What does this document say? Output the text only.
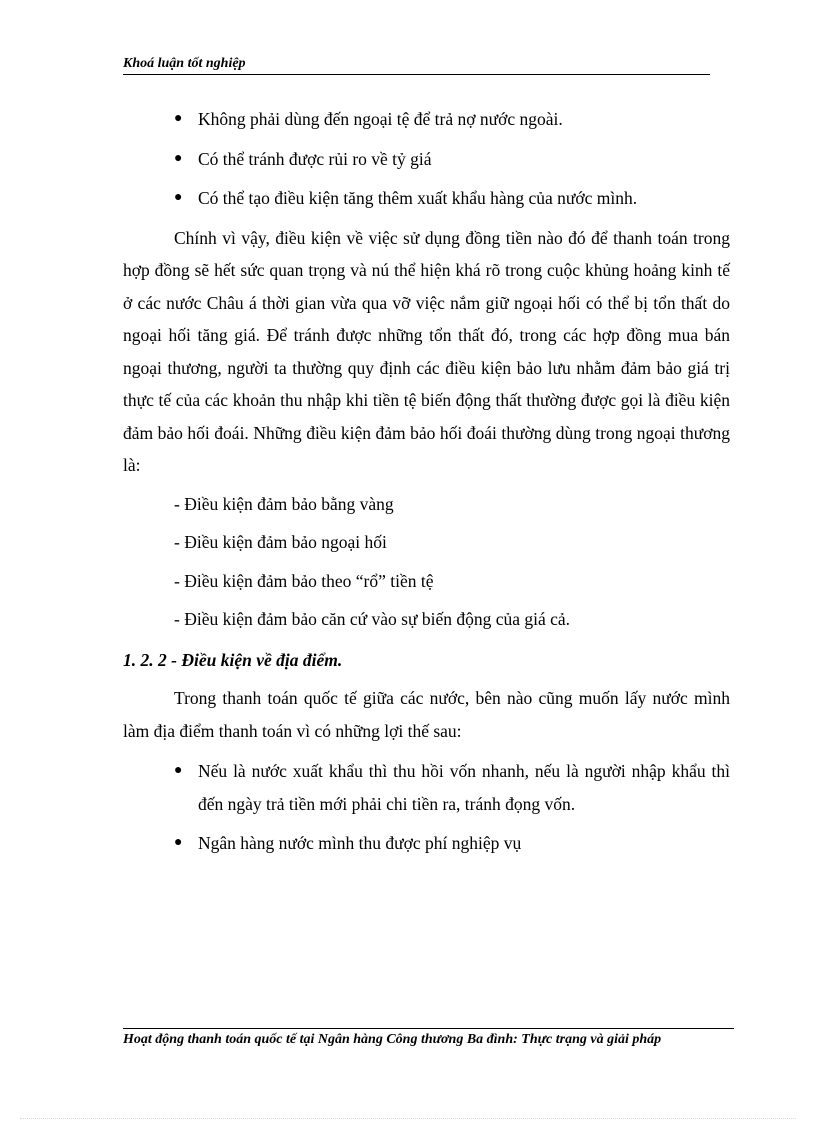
Khoá luận tốt nghiệp
● Không phải dùng đến ngoại tệ để trả nợ nước ngoài.
● Có thể tránh được rủi ro về tỷ giá
● Có thể tạo điều kiện tăng thêm xuất khẩu hàng của nước mình.

Chính vì vậy, điều kiện về việc sử dụng đồng tiền nào đó để thanh toán trong hợp đồng sẽ hết sức quan trọng và nú thể hiện khá rõ trong cuộc khủng hoảng kinh tế ở các nước Châu á thời gian vừa qua vỡ việc nắm giữ ngoại hối có thể bị tổn thất do ngoại hối tăng giá. Để tránh được những tổn thất đó, trong các hợp đồng mua bán ngoại thương, người ta thường quy định các điều kiện bảo lưu nhằm đảm bảo giá trị thực tế của các khoản thu nhập khi tiền tệ biến động thất thường được gọi là điều kiện đảm bảo hối đoái. Những điều kiện đảm bảo hối đoái thường dùng trong ngoại thương là:

- Điều kiện đảm bảo bằng vàng
- Điều kiện đảm bảo ngoại hối
- Điều kiện đảm bảo theo “rổ” tiền tệ
- Điều kiện đảm bảo căn cứ vào sự biến động của giá cả.
1. 2. 2 - Điều kiện về địa điểm.

Trong thanh toán quốc tế giữa các nước, bên nào cũng muốn lấy nước mình làm địa điểm thanh toán vì có những lợi thế sau:

● Nếu là nước xuất khẩu thì thu hồi vốn nhanh, nếu là người nhập khẩu thì đến ngày trả tiền mới phải chi tiền ra, tránh đọng vốn.
● Ngân hàng nước mình thu được phí nghiệp vụ
Hoạt động thanh toán quốc tế tại Ngân hàng Công thương Ba đình: Thực trạng và giải pháp
